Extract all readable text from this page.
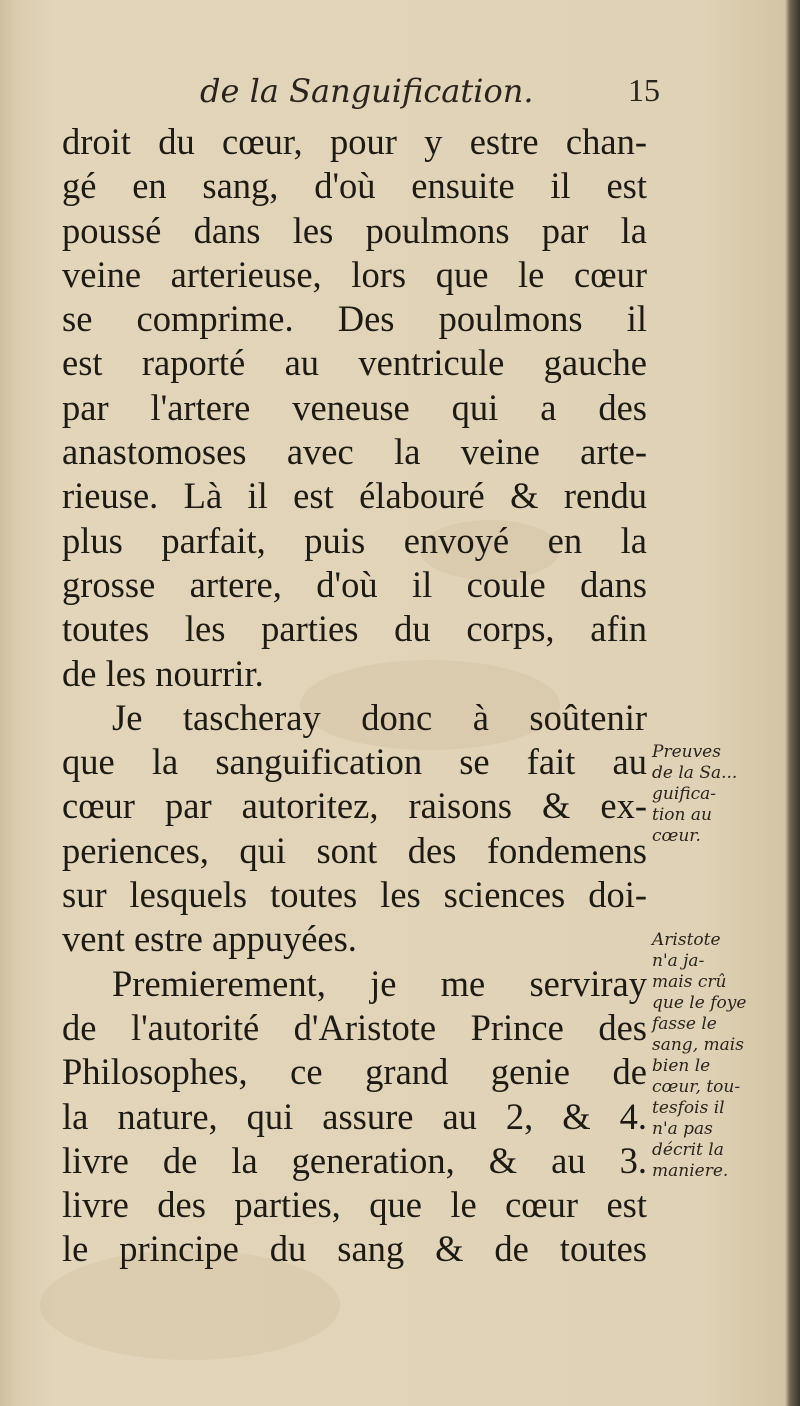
de la Sanguification.	15
droit du cœur, pour y estre chan-
gé en sang, d'où ensuite il est
poussé dans les poulmons par la
veine arterieuse, lors que le cœur
se comprime. Des poulmons il
est raporté au ventricule gauche
par l'artere veneuse qui a des
anastomoses avec la veine arte-
rieuse. Là il est élabouré & rendu
plus parfait, puis envoyé en la
grosse artere, d'où il coule dans
toutes les parties du corps, afin
de les nourrir.
Je tascheray donc à soûtenir
que la sanguification se fait au
cœur par autoritez, raisons & ex-
periences, qui sont des fondemens
sur lesquels toutes les sciences doi-
vent estre appuyées.
Premierement, je me serviray
de l'autorité d'Aristote Prince des
Philosophes, ce grand genie de
la nature, qui assure au 2, & 4.
livre de la generation, & au 3.
livre des parties, que le cœur est
le principe du sang & de toutes
Preuves
de la Sa...
guifica-
tion au
cœur.
Aristote
n'a ja-
mais crû
que le foye
fasse le
sang, mais
bien le
cœur, tou-
tesfois il
n'a pas
décrit la
maniere.
